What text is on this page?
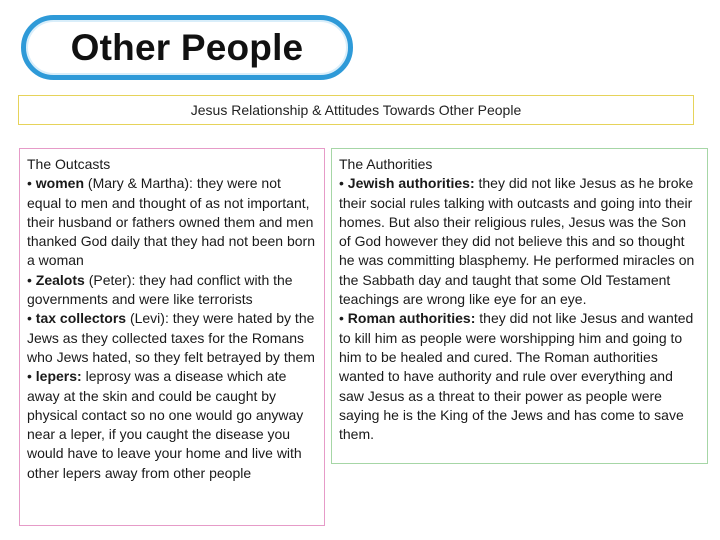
Other People
Jesus Relationship & Attitudes Towards Other People

The Outcasts

• women (Mary & Martha): they were not equal to men and thought of as not important, their husband or fathers owned them and men thanked God daily that they had not been born a woman

• Zealots (Peter): they had conflict with the governments and were like terrorists

• tax collectors (Levi): they were hated by the Jews as they collected taxes for the Romans who Jews hated, so they felt betrayed by them

• lepers: leprosy was a disease which ate away at the skin and could be caught by physical contact so no one would go anyway near a leper, if you caught the disease you would have to leave your home and live with other lepers away from other people

The Authorities

• Jewish authorities: they did not like Jesus as he broke their social rules talking with outcasts and going into their homes. But also their religious rules, Jesus was the Son of God however they did not believe this and so thought he was committing blasphemy. He performed miracles on the Sabbath day and taught that some Old Testament teachings are wrong like eye for an eye.

• Roman authorities: they did not like Jesus and wanted to kill him as people were worshipping him and going to him to be healed and cured. The Roman authorities wanted to have authority and rule over everything and saw Jesus as a threat to their power as people were saying he is the King of the Jews and has come to save them.
